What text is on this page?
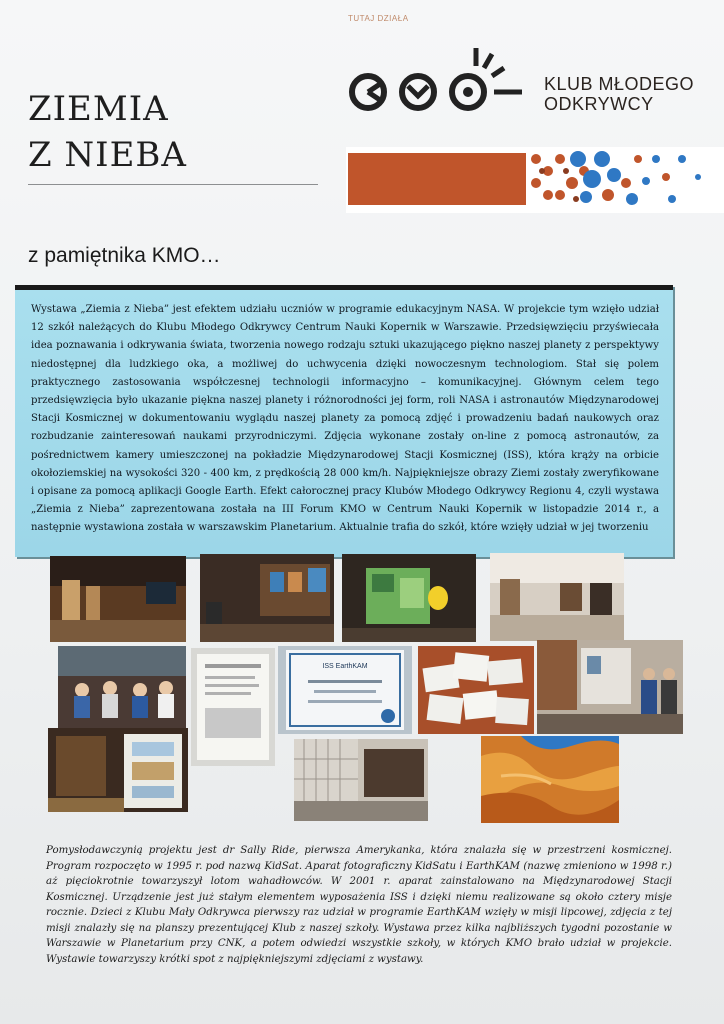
TUTAJ DZIAŁA
ZIEMIA
Z NIEBA
KLUB MŁODEGO
ODKRYWCY
z pamiętnika KMO…
Wystawa „Ziemia z Nieba” jest efektem udziału uczniów w programie edukacyjnym NASA. W projekcie tym wzięło udział 12 szkół należących do Klubu Młodego Odkrywcy Centrum Nauki Kopernik w Warszawie. Przedsięwzięciu przyświecała idea poznawania i odkrywania świata, tworzenia nowego rodzaju sztuki ukazującego piękno naszej planety z perspektywy niedostępnej dla ludzkiego oka, a możliwej do uchwycenia dzięki nowoczesnym technologiom. Stał się polem praktycznego zastosowania współczesnej technologii informacyjno – komunikacyjnej. Głównym celem tego przedsięwzięcia było ukazanie piękna naszej planety i różnorodności jej form, roli NASA i astronautów Międzynarodowej Stacji Kosmicznej w dokumentowaniu wyglądu naszej planety za pomocą zdjęć i prowadzeniu badań naukowych oraz rozbudzanie zainteresowań naukami przyrodniczymi. Zdjęcia wykonane zostały on-line z pomocą astronautów, za pośrednictwem kamery umieszczonej na pokładzie Międzynarodowej Stacji Kosmicznej (ISS), która krąży na orbicie okołoziemskiej na wysokości 320 - 400 km, z prędkością 28 000 km/h. Najpiękniejsze obrazy Ziemi zostały zweryfikowane i opisane za pomocą aplikacji Google Earth. Efekt całorocznej pracy Klubów Młodego Odkrywcy Regionu 4, czyli wystawa „Ziemia z Nieba” zaprezentowana została na III Forum KMO w Centrum Nauki Kopernik w listopadzie 2014 r., a następnie wystawiona została w warszawskim Planetarium. Aktualnie trafia do szkół, które wzięły udział w jej tworzeniu
ISS EarthKAM
Pomysłodawczynią projektu jest dr Sally Ride, pierwsza Amerykanka, która znalazła się w przestrzeni kosmicznej. Program rozpoczęto w 1995 r. pod nazwą KidSat. Aparat fotograficzny KidSatu i EarthKAM (nazwę zmieniono w 1998 r.) aż pięciokrotnie towarzyszył lotom wahadłowców. W 2001 r. aparat zainstalowano na Międzynarodowej Stacji Kosmicznej. Urządzenie jest już stałym elementem wyposażenia ISS i dzięki niemu realizowane są około cztery misje rocznie. Dzieci z Klubu Mały Odkrywca pierwszy raz udział w programie EarthKAM wzięły w misji lipcowej, zdjęcia z tej misji znalazły się na planszy prezentującej Klub z naszej szkoły. Wystawa przez kilka najbliższych tygodni pozostanie w Warszawie w Planetarium przy CNK, a potem odwiedzi wszystkie szkoły, w których KMO brało udział w projekcie. Wystawie towarzyszy krótki spot z najpiękniejszymi zdjęciami z wystawy.
